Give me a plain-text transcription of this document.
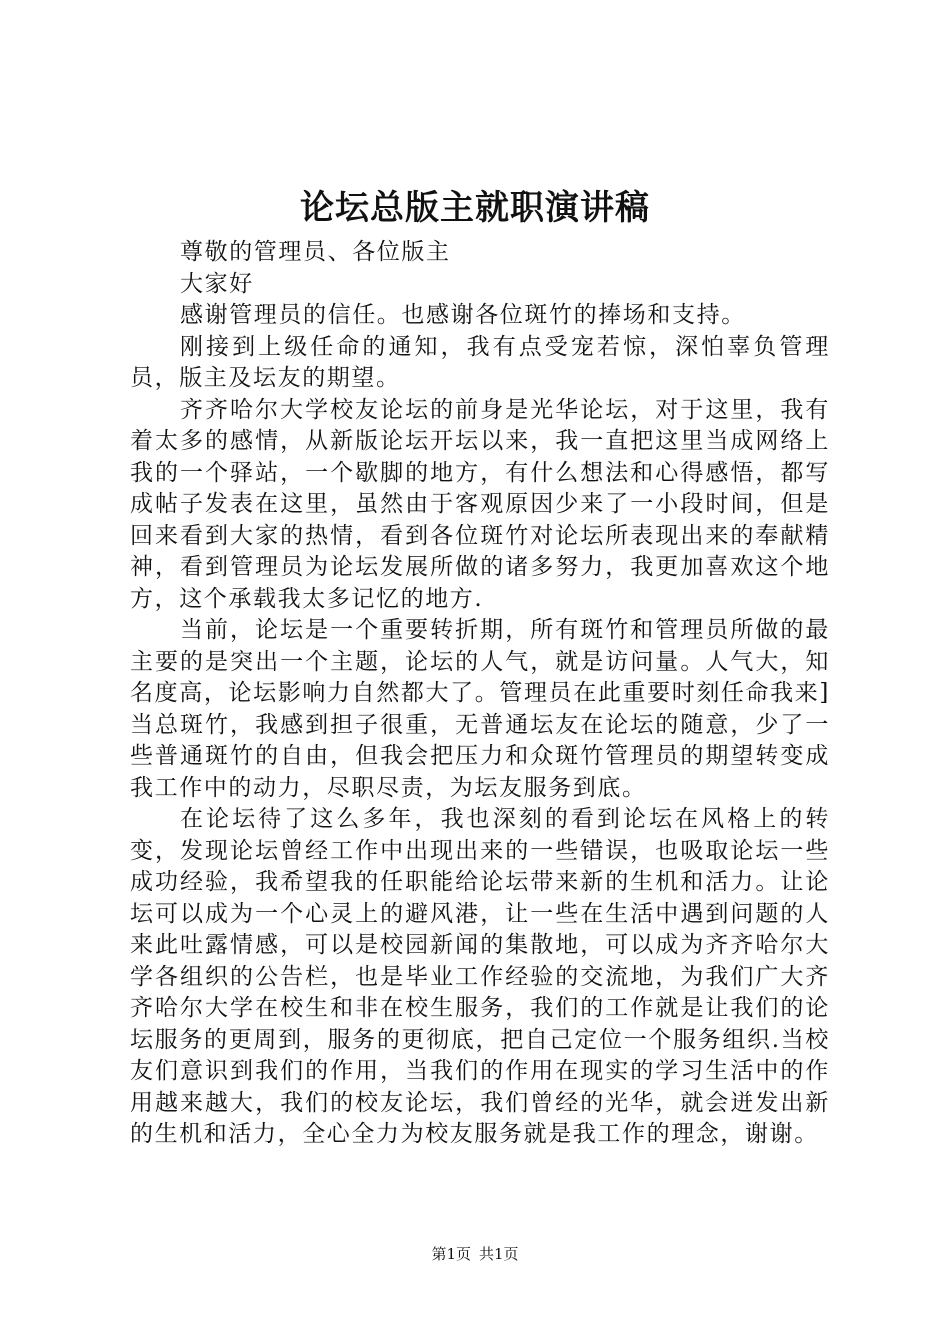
论坛总版主就职演讲稿

尊敬的管理员、各位版主

大家好

感谢管理员的信任。也感谢各位斑竹的捧场和支持。

刚接到上级任命的通知，我有点受宠若惊，深怕辜负管理员，版主及坛友的期望。

齐齐哈尔大学校友论坛的前身是光华论坛，对于这里，我有着太多的感情，从新版论坛开坛以来，我一直把这里当成网络上我的一个驿站，一个歇脚的地方，有什么想法和心得感悟，都写成帖子发表在这里，虽然由于客观原因少来了一小段时间，但是回来看到大家的热情，看到各位斑竹对论坛所表现出来的奉献精神，看到管理员为论坛发展所做的诸多努力，我更加喜欢这个地方，这个承载我太多记忆的地方.

当前，论坛是一个重要转折期，所有斑竹和管理员所做的最主要的是突出一个主题，论坛的人气，就是访问量。人气大，知名度高，论坛影响力自然都大了。管理员在此重要时刻任命我来]当总斑竹，我感到担子很重，无普通坛友在论坛的随意，少了一些普通斑竹的自由，但我会把压力和众斑竹管理员的期望转变成我工作中的动力，尽职尽责，为坛友服务到底。

在论坛待了这么多年，我也深刻的看到论坛在风格上的转变，发现论坛曾经工作中出现出来的一些错误，也吸取论坛一些成功经验，我希望我的任职能给论坛带来新的生机和活力。让论坛可以成为一个心灵上的避风港，让一些在生活中遇到问题的人来此吐露情感，可以是校园新闻的集散地，可以成为齐齐哈尔大学各组织的公告栏，也是毕业工作经验的交流地，为我们广大齐齐哈尔大学在校生和非在校生服务，我们的工作就是让我们的论坛服务的更周到，服务的更彻底，把自己定位一个服务组织.当校友们意识到我们的作用，当我们的作用在现实的学习生活中的作用越来越大，我们的校友论坛，我们曾经的光华，就会迸发出新的生机和活力，全心全力为校友服务就是我工作的理念，谢谢。

第1页 共1页
